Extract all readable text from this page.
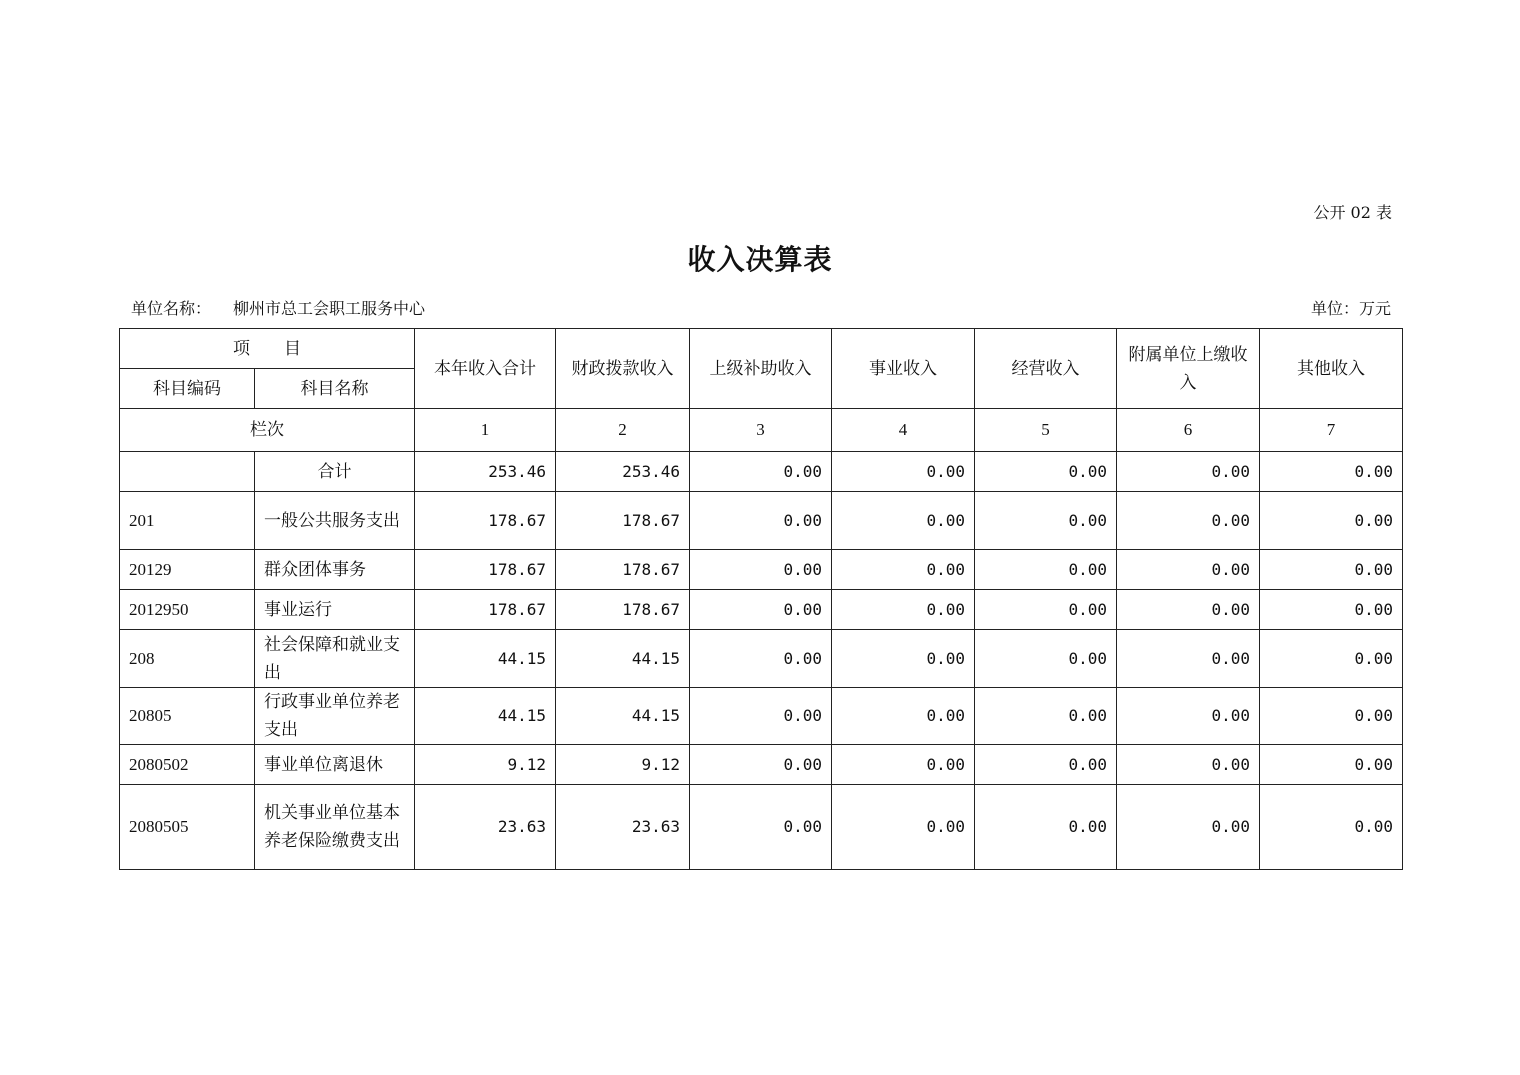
公开 02 表
收入决算表
单位名称： 柳州市总工会职工服务中心	单位：万元
项　　目		本年收入合计	财政拨款收入	上级补助收入	事业收入	经营收入	附属单位上缴收入	其他收入
科目编码	科目名称							
栏次		1	2	3	4	5	6	7
	合计	253.46	253.46	0.00	0.00	0.00	0.00	0.00
201	一般公共服务支出	178.67	178.67	0.00	0.00	0.00	0.00	0.00
20129	群众团体事务	178.67	178.67	0.00	0.00	0.00	0.00	0.00
2012950	事业运行	178.67	178.67	0.00	0.00	0.00	0.00	0.00
208	社会保障和就业支出	44.15	44.15	0.00	0.00	0.00	0.00	0.00
20805	行政事业单位养老支出	44.15	44.15	0.00	0.00	0.00	0.00	0.00
2080502	事业单位离退休	9.12	9.12	0.00	0.00	0.00	0.00	0.00
2080505	机关事业单位基本养老保险缴费支出	23.63	23.63	0.00	0.00	0.00	0.00	0.00
